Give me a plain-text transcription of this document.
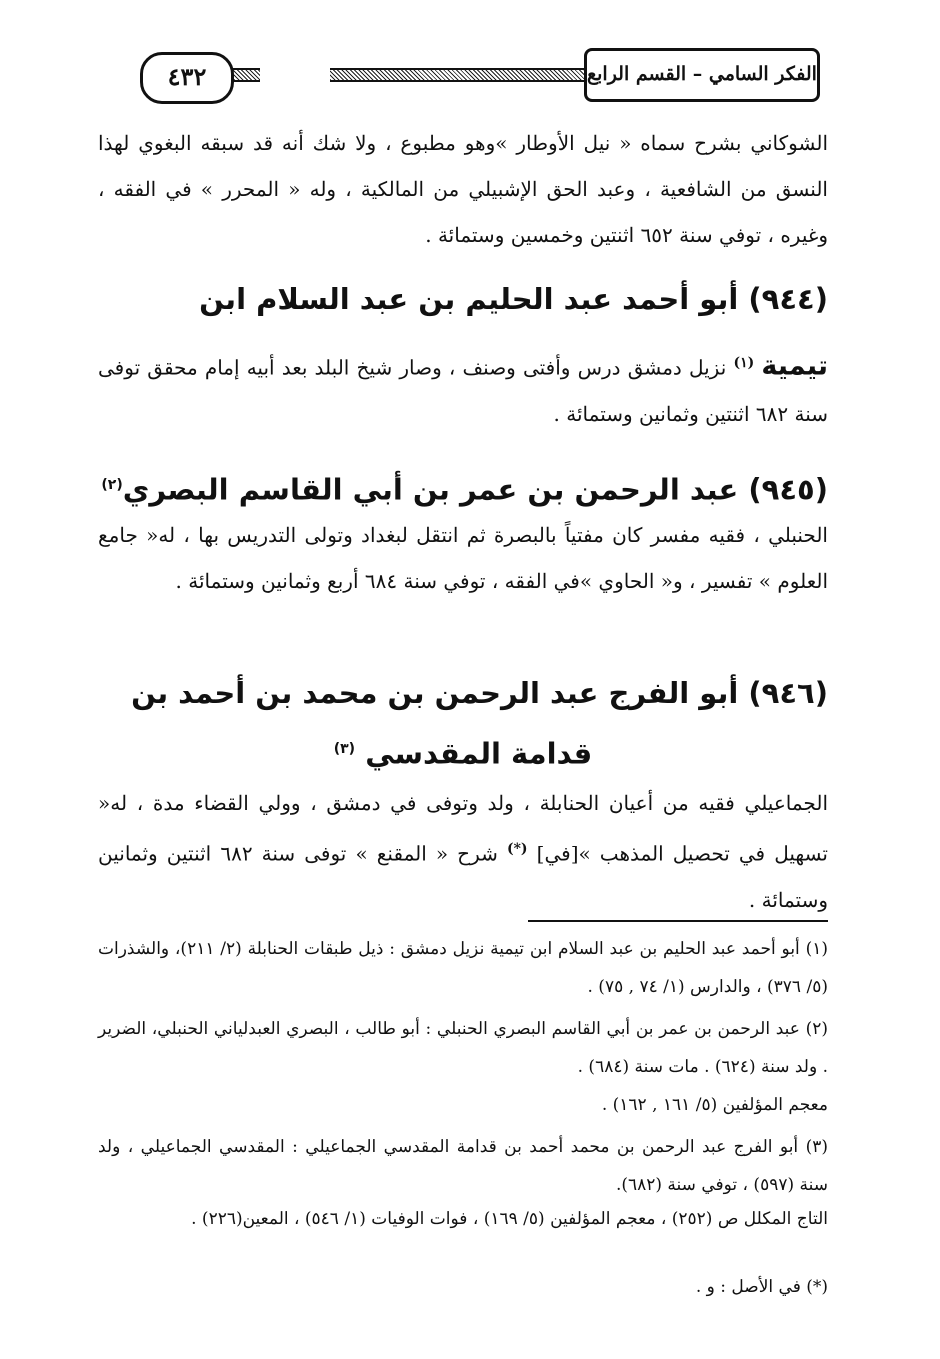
٤٣٢	الفكر السامي – القسم الرابع
الشوكاني بشرح سماه « نيل الأوطار »وهو مطبوع ، ولا شك أنه قد سبقه البغوي لهذا النسق من الشافعية ، وعبد الحق الإشبيلي من المالكية ، وله « المحرر » في الفقه ، وغيره ، توفي سنة ٦٥٢ اثنتين وخمسين وستمائة .
(٩٤٤) أبو أحمد عبد الحليم بن عبد السلام ابن
تيمية $^{(١)}$ نزيل دمشق درس وأفتى وصنف ، وصار شيخ البلد بعد أبيه إمام محقق توفى سنة ٦٨٢ اثنتين وثمانين وستمائة .
(٩٤٥) عبد الرحمن بن عمر بن أبي القاسم البصري$^{(٢)}$
الحنبلي ، فقيه مفسر كان مفتياً بالبصرة ثم انتقل لبغداد وتولى التدريس بها ، له« جامع العلوم » تفسير ، و« الحاوي »في الفقه ، توفي سنة ٦٨٤ أربع وثمانين وستمائة .
(٩٤٦) أبو الفرج عبد الرحمن بن محمد بن أحمد بن
قدامة المقدسي $^{(٣)}$
الجماعيلي فقيه من أعيان الحنابلة ، ولد وتوفى في دمشق ، وولي القضاء مدة ، له« تسهيل في تحصيل المذهب »[في] (*) شرح « المقنع » توفى سنة ٦٨٢ اثنتين وثمانين وستمائة .
(١) أبو أحمد عبد الحليم بن عبد السلام ابن تيمية نزيل دمشق : ذيل طبقات الحنابلة (٢/ ٢١١)، والشذرات (٥/ ٣٧٦) ، والدارس (١/ ٧٤ , ٧٥) .
(٢) عبد الرحمن بن عمر بن أبي القاسم البصري الحنبلي : أبو طالب ، البصري العبدلياني الحنبلي، الضرير . ولد سنة (٦٢٤) . مات سنة (٦٨٤) .
معجم المؤلفين (٥/ ١٦١ , ١٦٢) .
(٣) أبو الفرج عبد الرحمن بن محمد أحمد بن قدامة المقدسي الجماعيلي : المقدسي الجماعيلي ، ولد سنة (٥٩٧) ، توفي سنة (٦٨٢).
التاج المكلل ص (٢٥٢) ، معجم المؤلفين (٥/ ١٦٩) ، فوات الوفيات (١/ ٥٤٦) ، المعين(٢٢٦) .
(*) في الأصل : و .
